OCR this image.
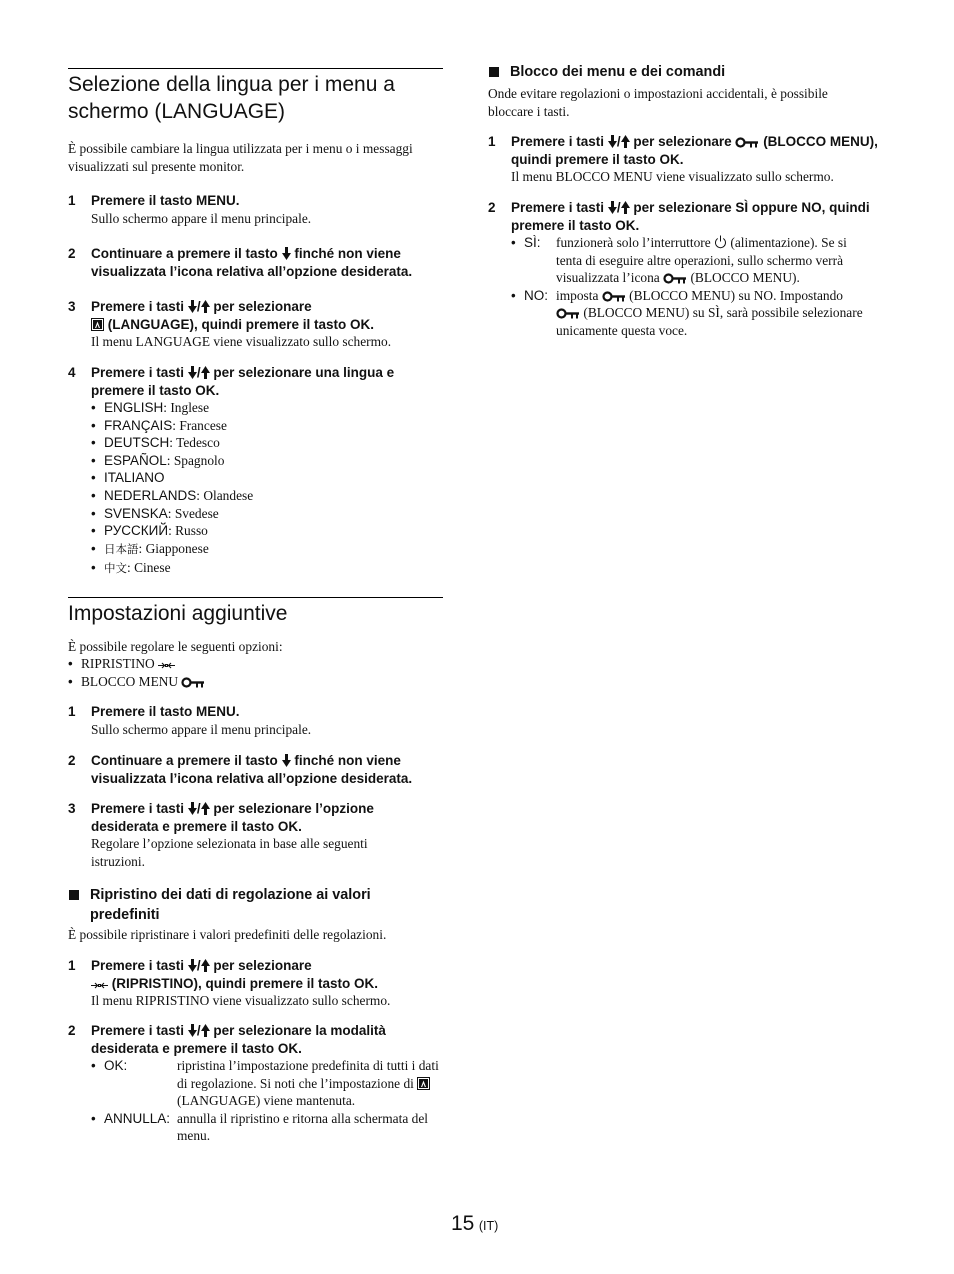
Selezione della lingua per i menu a schermo (LANGUAGE)

È possibile cambiare la lingua utilizzata per i menu o i messaggi visualizzati sul presente monitor.

1 Premere il tasto MENU.

Sullo schermo appare il menu principale.

2 Continuare a premere il tasto finché non viene visualizzata l’icona relativa all’opzione desiderata.

3 Premere i tasti / per selezionare
(LANGUAGE), quindi premere il tasto OK.

Il menu LANGUAGE viene visualizzato sullo schermo.

4 Premere i tasti / per selezionare una lingua e premere il tasto OK.

• ENGLISH: Inglese
• FRANÇAIS: Francese
• DEUTSCH: Tedesco
• ESPAÑOL: Spagnolo
• ITALIANO
• NEDERLANDS: Olandese
• SVENSKA: Svedese
• РУССКИЙ: Russo
• 日本語: Giapponese
• 中文: Cinese
Impostazioni aggiuntive

È possibile regolare le seguenti opzioni:

• RIPRISTINO
• BLOCCO MENU
1 Premere il tasto MENU.

Sullo schermo appare il menu principale.

2 Continuare a premere il tasto finché non viene visualizzata l’icona relativa all’opzione desiderata.

3 Premere i tasti / per selezionare l’opzione desiderata e premere il tasto OK.

Regolare l’opzione selezionata in base alle seguenti istruzioni.

Ripristino dei dati di regolazione ai valori predefiniti

È possibile ripristinare i valori predefiniti delle regolazioni.

1 Premere i tasti / per selezionare
(RIPRISTINO), quindi premere il tasto OK.

Il menu RIPRISTINO viene visualizzato sullo schermo.

2 Premere i tasti / per selezionare la modalità desiderata e premere il tasto OK.

• OK:	ripristina l’impostazione predefinita di tutti i dati di regolazione. Si noti che l’impostazione di  (LANGUAGE) viene mantenuta.
• ANNULLA: annulla il ripristino e ritorna alla schermata del menu.

Blocco dei menu e dei comandi

Onde evitare regolazioni o impostazioni accidentali, è possibile bloccare i tasti.

1 Premere i tasti / per selezionare (BLOCCO MENU), quindi premere il tasto OK.

Il menu BLOCCO MENU viene visualizzato sullo schermo.

2 Premere i tasti / per selezionare SÌ oppure NO, quindi premere il tasto OK.

• SÌ:	funzionerà solo l’interruttore (alimentazione). Se si tenta di eseguire altre operazioni, sullo schermo verrà visualizzata l’icona (BLOCCO MENU).
• NO: imposta (BLOCCO MENU) su NO. Impostando  (BLOCCO MENU) su SÌ, sarà possibile selezionare unicamente questa voce.
15 (IT)
